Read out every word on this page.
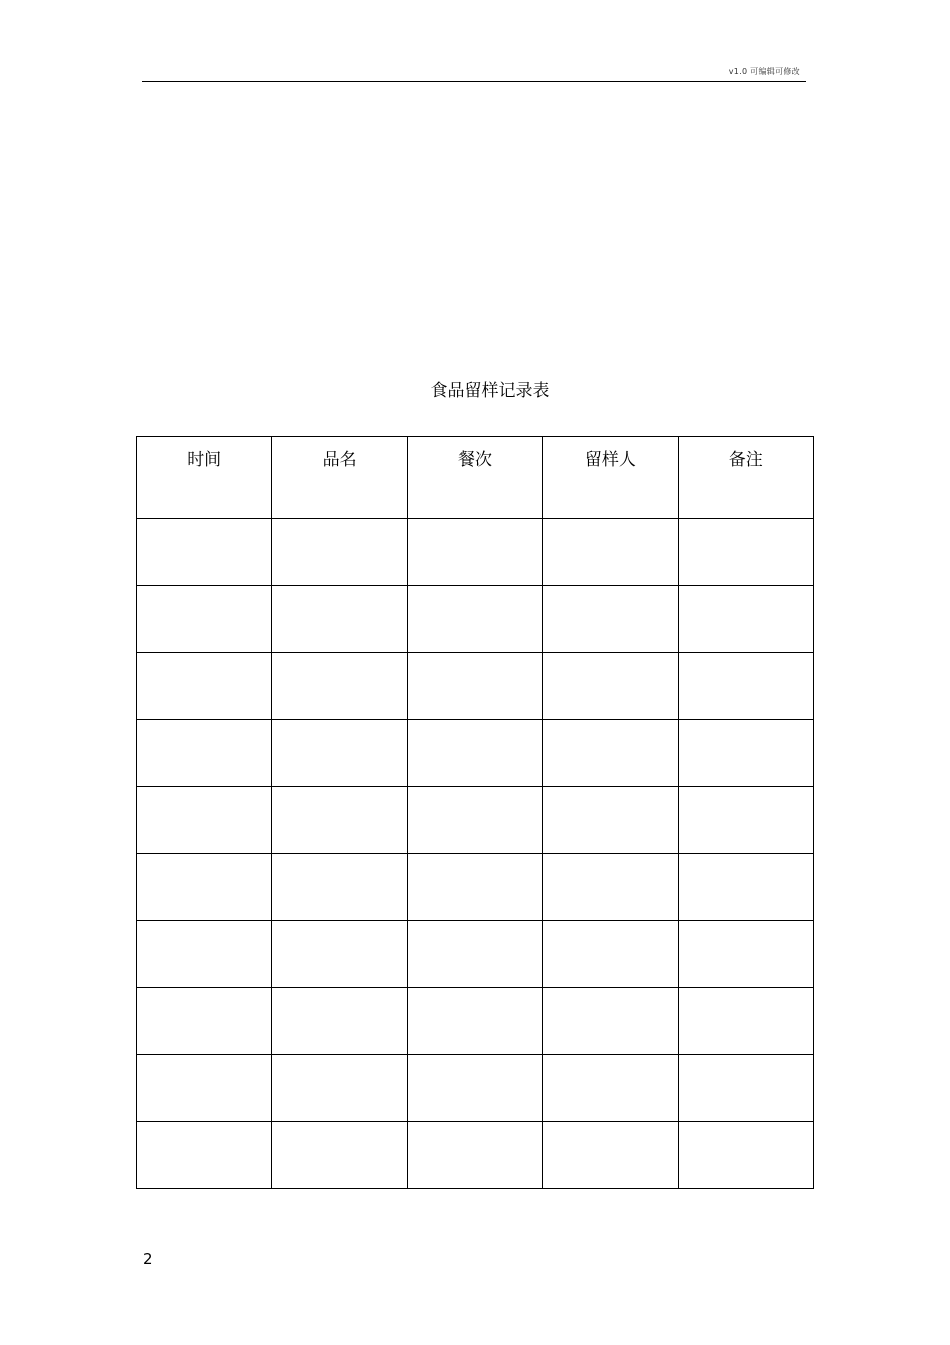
v1.0 可编辑可修改
食品留样记录表
时间	品名	餐次	留样人	备注

2
